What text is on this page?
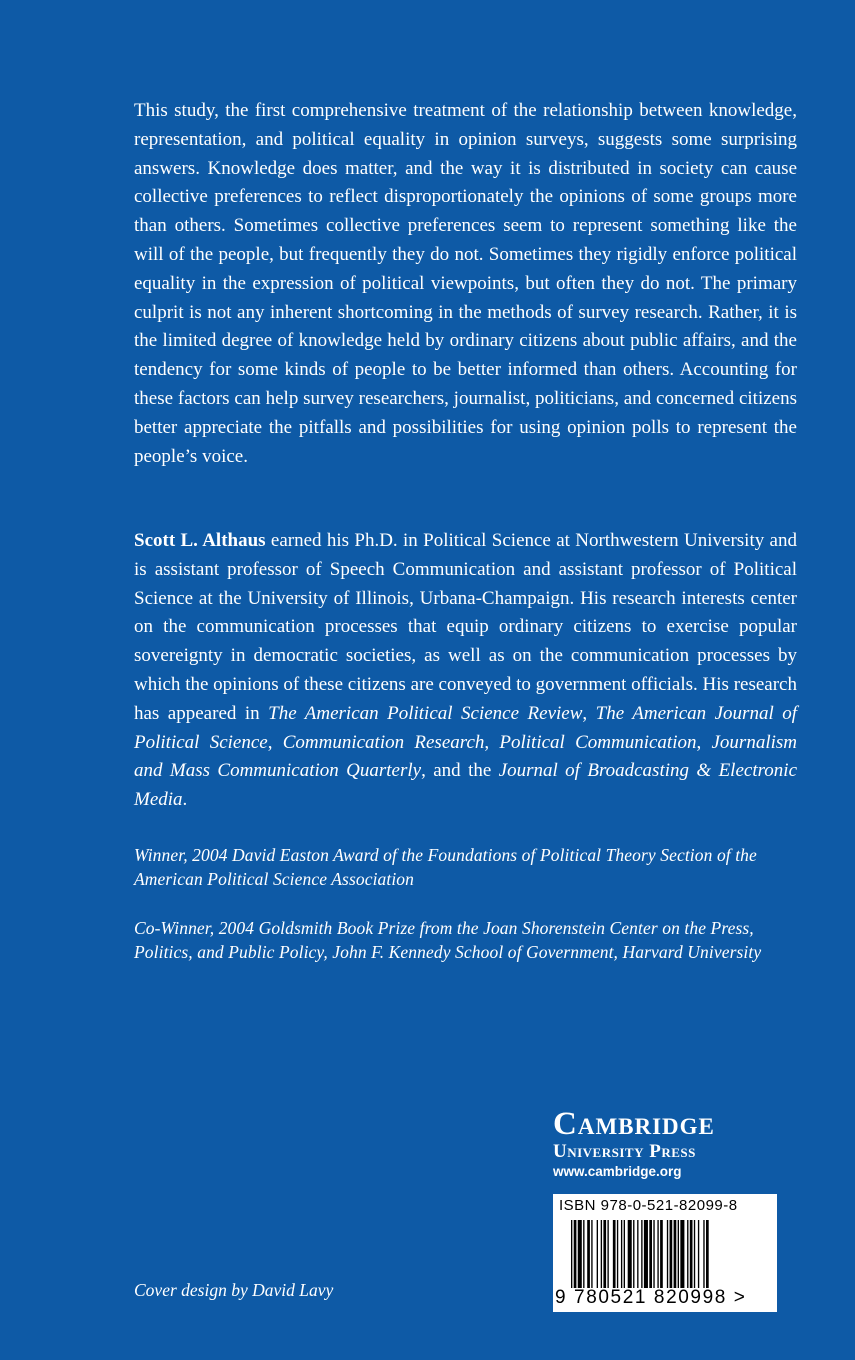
This study, the first comprehensive treatment of the relationship between knowledge, representation, and political equality in opinion surveys, suggests some surprising answers. Knowledge does matter, and the way it is distributed in society can cause collective preferences to reflect disproportionately the opinions of some groups more than others. Sometimes collective preferences seem to represent something like the will of the people, but frequently they do not. Sometimes they rigidly enforce political equality in the expression of political viewpoints, but often they do not. The primary culprit is not any inherent shortcoming in the methods of survey research. Rather, it is the limited degree of knowledge held by ordinary citizens about public affairs, and the tendency for some kinds of people to be better informed than others. Accounting for these factors can help survey researchers, journalist, politicians, and concerned citizens better appreciate the pitfalls and possibilities for using opinion polls to represent the people’s voice.
Scott L. Althaus earned his Ph.D. in Political Science at Northwestern University and is assistant professor of Speech Communication and assistant professor of Political Science at the University of Illinois, Urbana-Champaign. His research interests center on the communication processes that equip ordinary citizens to exercise popular sovereignty in democratic societies, as well as on the communication processes by which the opinions of these citizens are conveyed to government officials. His research has appeared in The American Political Science Review, The American Journal of Political Science, Communication Research, Political Communication, Journalism and Mass Communication Quarterly, and the Journal of Broadcasting & Electronic Media.
Winner, 2004 David Easton Award of the Foundations of Political Theory Section of the American Political Science Association
Co-Winner, 2004 Goldsmith Book Prize from the Joan Shorenstein Center on the Press, Politics, and Public Policy, John F. Kennedy School of Government, Harvard University
Cambridge
University Press
www.cambridge.org
ISBN 978-0-521-82099-8
9 780521 820998 >
Cover design by David Lavy
